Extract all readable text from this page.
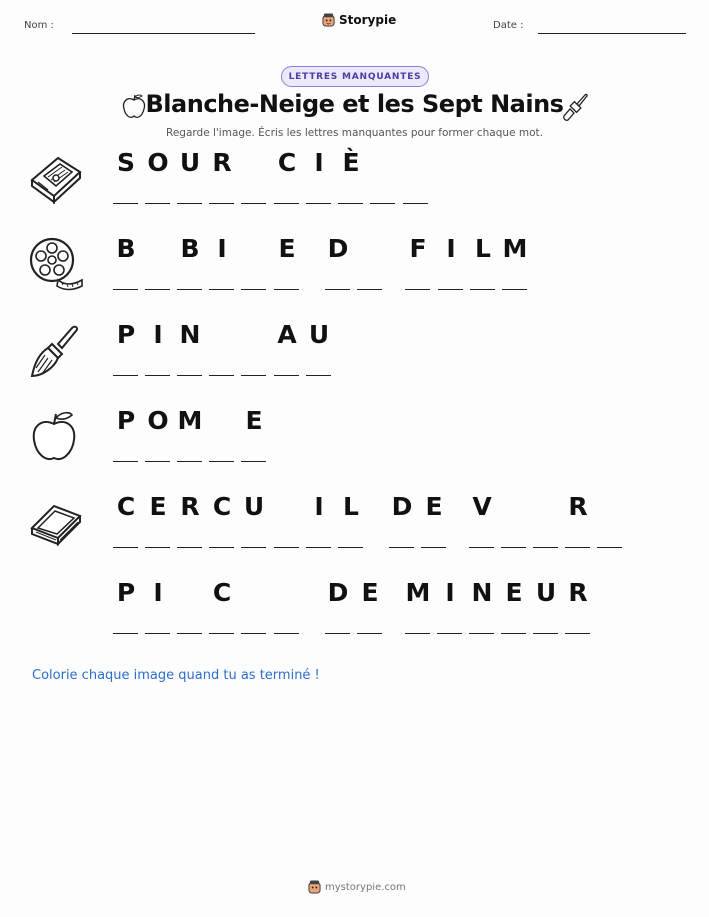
Nom :	Storypie	Date :
LETTRES MANQUANTES
Blanche-Neige et les Sept Nains
Regarde l'image. Écris les lettres manquantes pour former chaque mot.
S O U R C I È
B B I	E D F I L M
P I N	A U
P O M E
C E R C U	I L D E V	R
P I	C	D E M I N E U R
Colorie chaque image quand tu as terminé !
mystorypie.com
